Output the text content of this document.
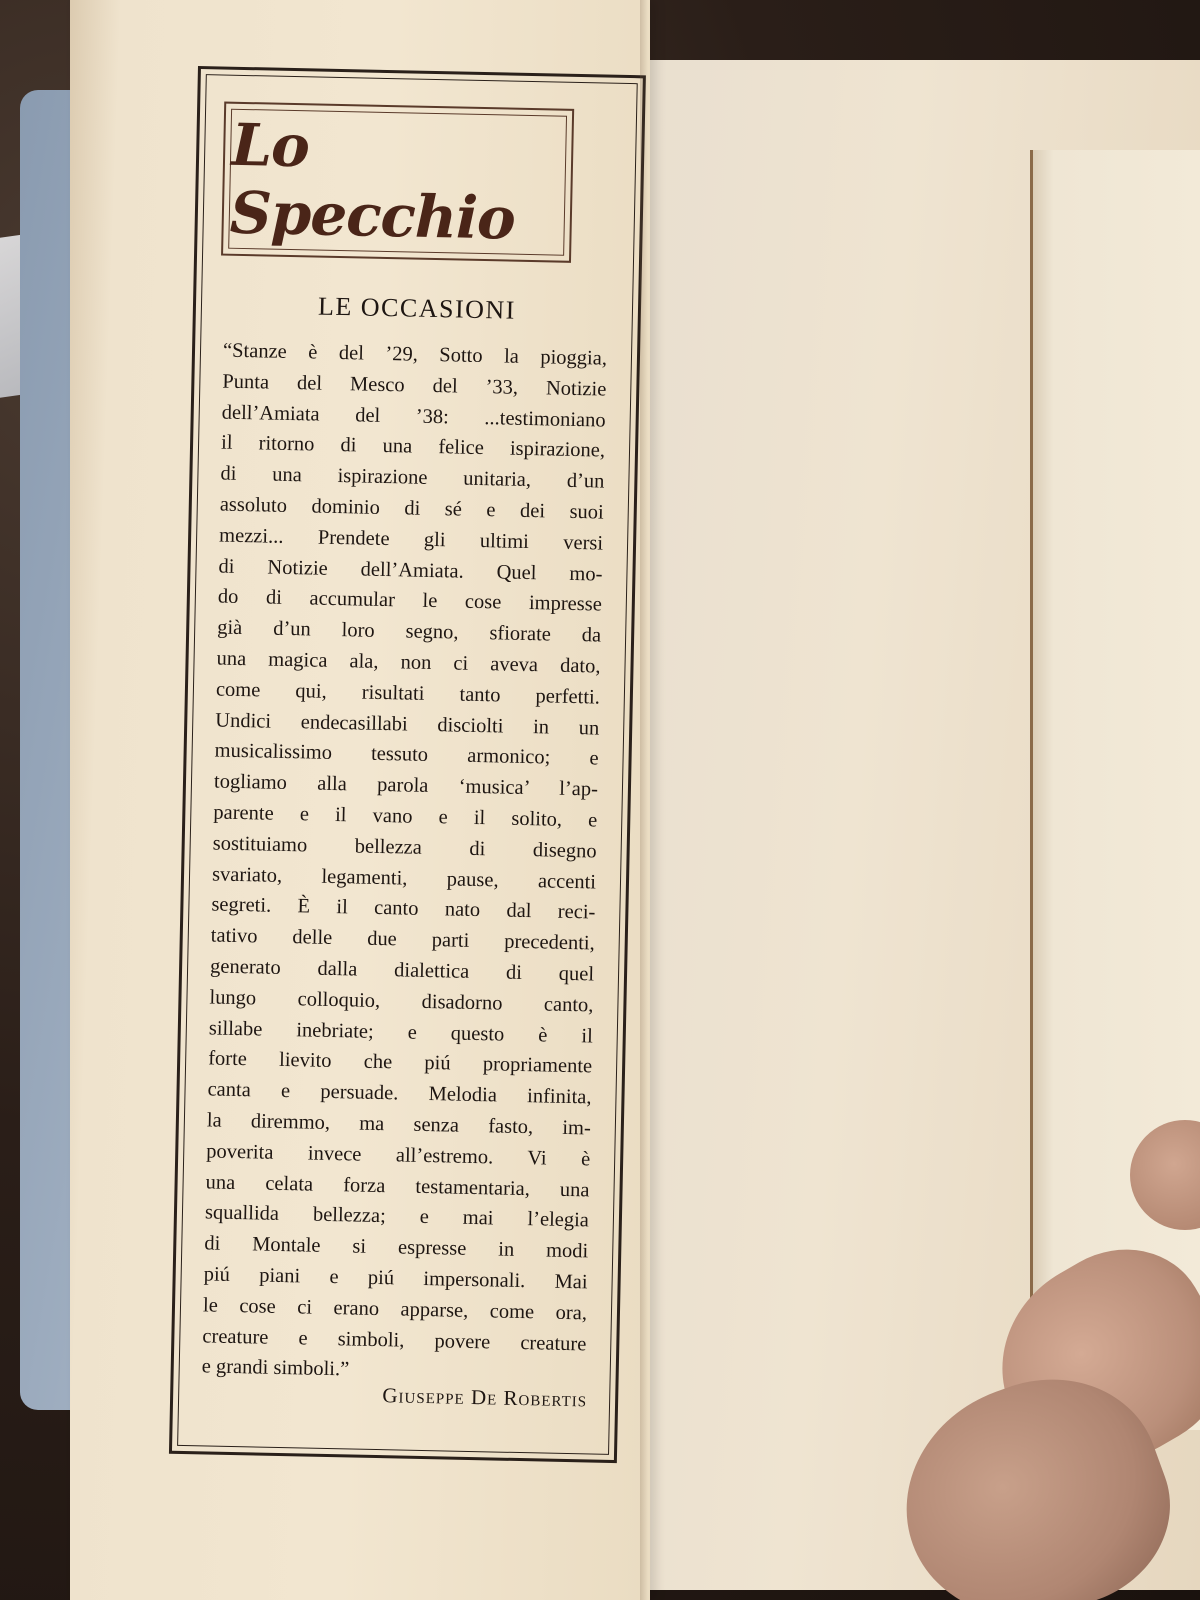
Lo Specchio
LE OCCASIONI
“Stanze è del ’29, Sotto la pioggia,
Punta del Mesco del ’33, Notizie
dell’Amiata del ’38: ...testimoniano
il ritorno di una felice ispirazione,
di una ispirazione unitaria, d’un
assoluto dominio di sé e dei suoi
mezzi... Prendete gli ultimi versi
di Notizie dell’Amiata. Quel mo-
do di accumular le cose impresse
già d’un loro segno, sfiorate da
una magica ala, non ci aveva dato,
come qui, risultati tanto perfetti.
Undici endecasillabi disciolti in un
musicalissimo tessuto armonico; e
togliamo alla parola ‘musica’ l’ap-
parente e il vano e il solito, e
sostituiamo bellezza di disegno
svariato, legamenti, pause, accenti
segreti. È il canto nato dal reci-
tativo delle due parti precedenti,
generato dalla dialettica di quel
lungo colloquio, disadorno canto,
sillabe inebriate; e questo è il
forte lievito che piú propriamente
canta e persuade. Melodia infinita,
la diremmo, ma senza fasto, im-
poverita invece all’estremo. Vi è
una celata forza testamentaria, una
squallida bellezza; e mai l’elegia
di Montale si espresse in modi
piú piani e piú impersonali. Mai
le cose ci erano apparse, come ora,
creature e simboli, povere creature
e grandi simboli.”
Giuseppe De Robertis
